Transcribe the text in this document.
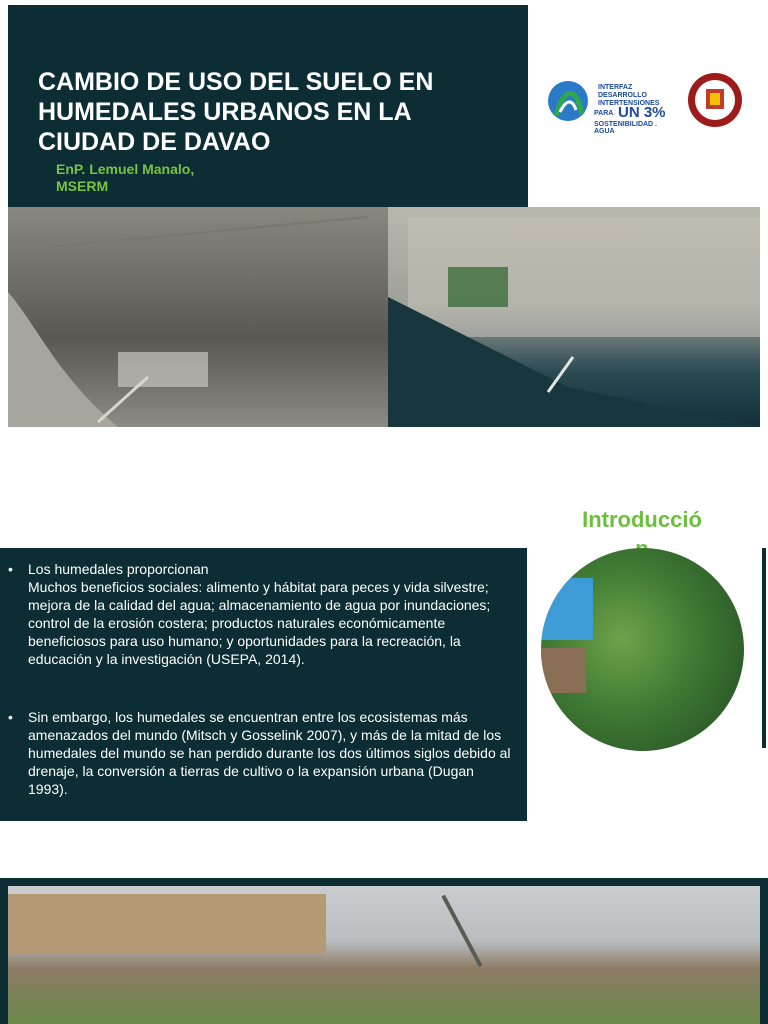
CAMBIO DE USO DEL SUELO EN HUMEDALES URBANOS EN LA CIUDAD DE DAVAO
EnP. Lemuel Manalo,
MSERM
INTERFAZ
DESARROLLO
INTERTENSIONES
UN 3%
PARA
SOSTENIBILIDAD . AGUA
Introducció
• Los humedales proporcionan
Muchos beneficios sociales: alimento y hábitat para peces y vida silvestre; mejora de la calidad del agua; almacenamiento de agua por inundaciones; control de la erosión costera; productos naturales económicamente beneficiosos para uso humano; y oportunidades para la recreación, la educación y la investigación (USEPA, 2014).
• Sin embargo, los humedales se encuentran entre los ecosistemas más amenazados del mundo (Mitsch y Gosselink 2007), y más de la mitad de los humedales del mundo se han perdido durante los dos últimos siglos debido al drenaje, la conversión a tierras de cultivo o la expansión urbana (Dugan 1993).
